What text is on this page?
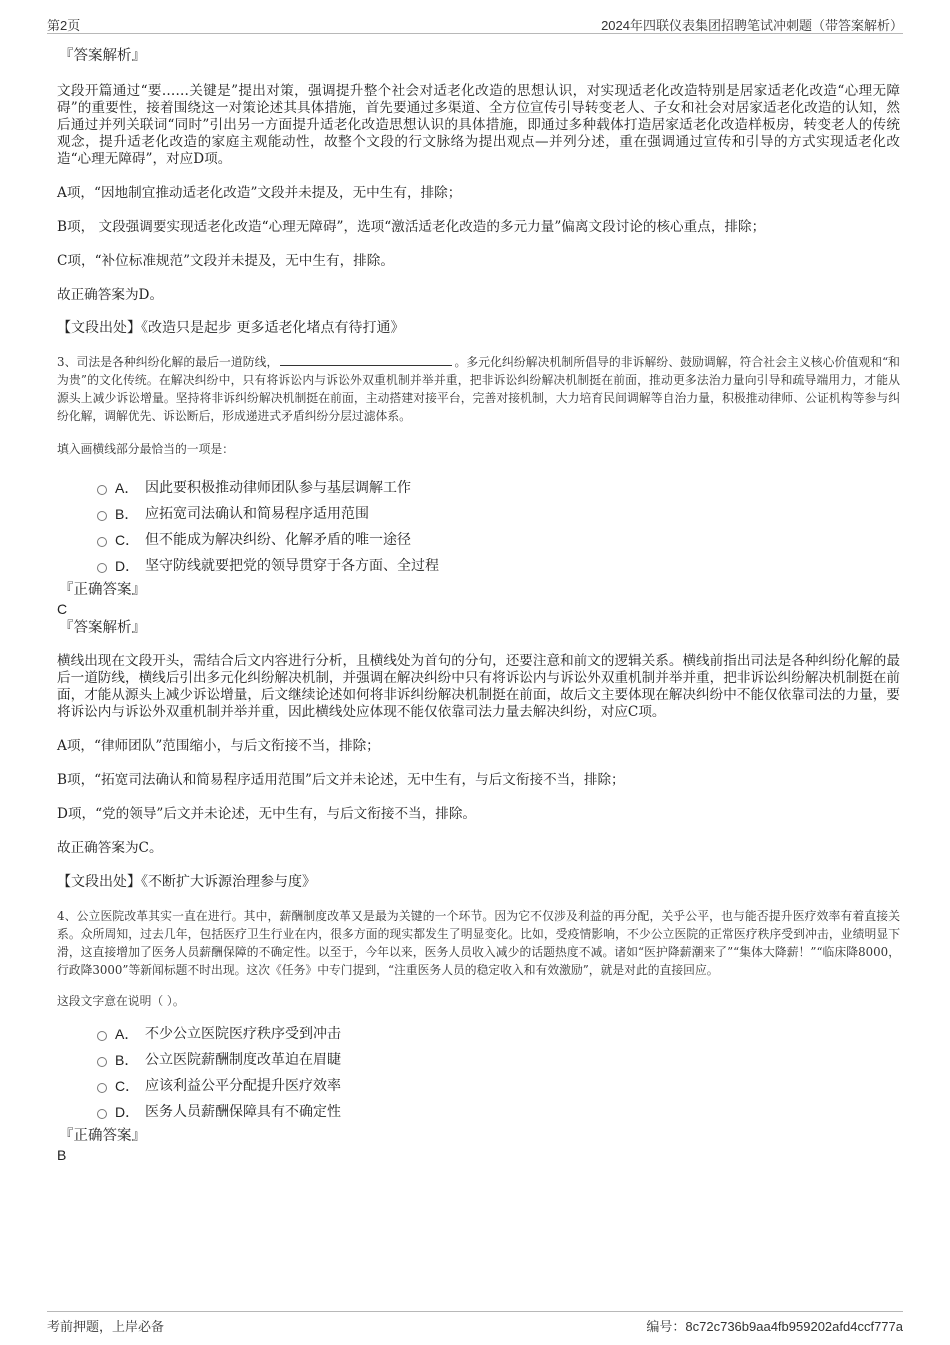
第2页	2024年四联仪表集团招聘笔试冲刺题（带答案解析）

『答案解析』

文段开篇通过“要……关键是”提出对策，强调提升整个社会对适老化改造的思想认识，对实现适老化改造特别是居家适老化改造“心理无障碍”的重要性，接着围绕这一对策论述其具体措施，首先要通过多渠道、全方位宣传引导转变老人、子女和社会对居家适老化改造的认知，然后通过并列关联词“同时”引出另一方面提升适老化改造思想认识的具体措施，即通过多种载体打造居家适老化改造样板房，转变老人的传统观念，提升适老化改造的家庭主观能动性，故整个文段的行文脉络为提出观点—并列分述，重在强调通过宣传和引导的方式实现适老化改造“心理无障碍”，对应D项。

A项，“因地制宜推动适老化改造”文段并未提及，无中生有，排除；

B项， 文段强调要实现适老化改造“心理无障碍”，选项“激活适老化改造的多元力量”偏离文段讨论的核心重点，排除；

C项，“补位标准规范”文段并未提及，无中生有，排除。

故正确答案为D。

【文段出处】《改造只是起步 更多适老化堵点有待打通》

3、司法是各种纠纷化解的最后一道防线，	。多元化纠纷解决机制所倡导的非诉解纷、鼓励调解，符合社会主义核心价值观和“和为贵”的文化传统。在解决纠纷中，只有将诉讼内与诉讼外双重机制并举并重，把非诉讼纠纷解决机制挺在前面，推动更多法治力量向引导和疏导端用力，才能从源头上减少诉讼增量。坚持将非诉纠纷解决机制挺在前面，主动搭建对接平台，完善对接机制，大力培育民间调解等自治力量，积极推动律师、公证机构等参与纠纷化解，调解优先、诉讼断后，形成递进式矛盾纠纷分层过滤体系。

填入画横线部分最恰当的一项是：

A． 因此要积极推动律师团队参与基层调解工作
B． 应拓宽司法确认和简易程序适用范围
C． 但不能成为解决纠纷、化解矛盾的唯一途径
D． 坚守防线就要把党的领导贯穿于各方面、全过程

『正确答案』

C

『答案解析』

横线出现在文段开头，需结合后文内容进行分析，且横线处为首句的分句，还要注意和前文的逻辑关系。横线前指出司法是各种纠纷化解的最后一道防线，横线后引出多元化纠纷解决机制，并强调在解决纠纷中只有将诉讼内与诉讼外双重机制并举并重，把非诉讼纠纷解决机制挺在前面，才能从源头上减少诉讼增量，后文继续论述如何将非诉纠纷解决机制挺在前面，故后文主要体现在解决纠纷中不能仅依靠司法的力量，要将诉讼内与诉讼外双重机制并举并重，因此横线处应体现不能仅依靠司法力量去解决纠纷，对应C项。

A项，“律师团队”范围缩小，与后文衔接不当，排除；

B项，“拓宽司法确认和简易程序适用范围”后文并未论述，无中生有，与后文衔接不当，排除；

D项，“党的领导”后文并未论述，无中生有，与后文衔接不当，排除。

故正确答案为C。

【文段出处】《不断扩大诉源治理参与度》

4、公立医院改革其实一直在进行。其中，薪酬制度改革又是最为关键的一个环节。因为它不仅涉及利益的再分配，关乎公平，也与能否提升医疗效率有着直接关系。众所周知，过去几年，包括医疗卫生行业在内，很多方面的现实都发生了明显变化。比如，受疫情影响，不少公立医院的正常医疗秩序受到冲击，业绩明显下滑，这直接增加了医务人员薪酬保障的不确定性。以至于，今年以来，医务人员收入减少的话题热度不减。诸如“医护降薪潮来了”“集体大降薪！”“临床降8000，行政降3000”等新闻标题不时出现。这次《任务》中专门提到，“注重医务人员的稳定收入和有效激励”，就是对此的直接回应。

这段文字意在说明（ ）。

A． 不少公立医院医疗秩序受到冲击
B． 公立医院薪酬制度改革迫在眉睫
C． 应该利益公平分配提升医疗效率
D． 医务人员薪酬保障具有不确定性

『正确答案』

B

考前押题，上岸必备	编号：8c72c736b9aa4fb959202afd4ccf777a
